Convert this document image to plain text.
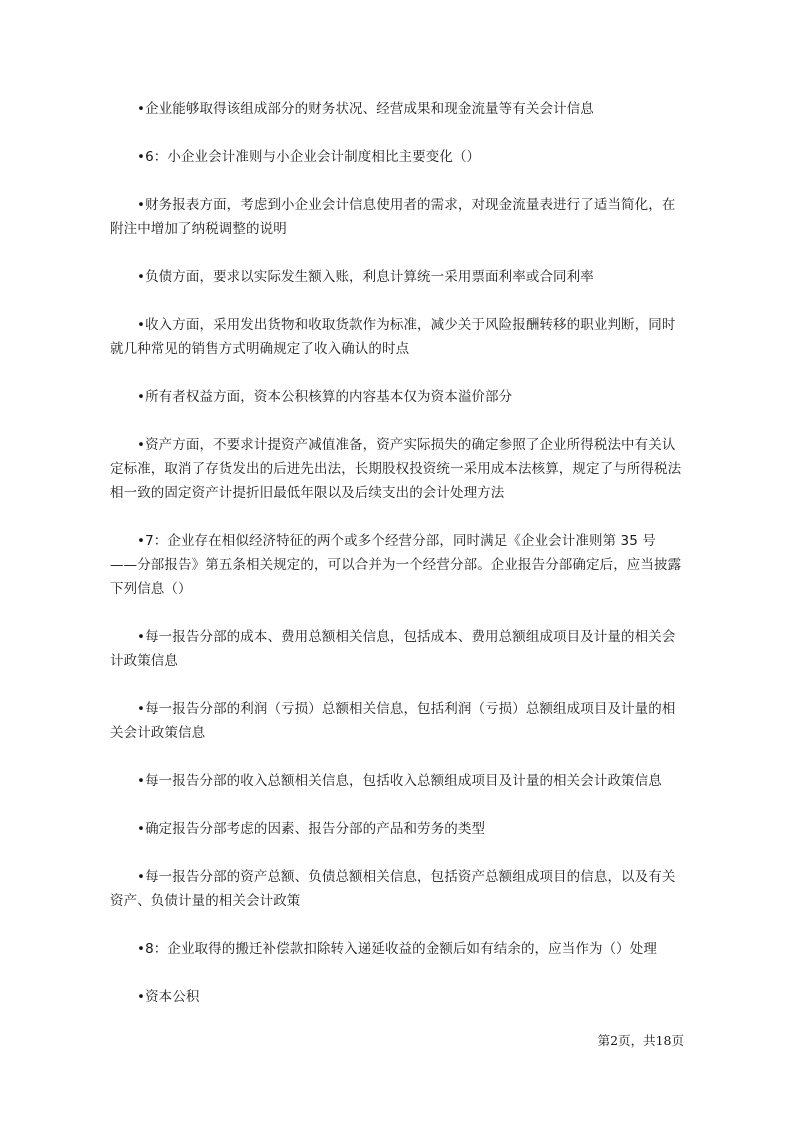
•企业能够取得该组成部分的财务状况、经营成果和现金流量等有关会计信息

•6：小企业会计准则与小企业会计制度相比主要变化（）

•财务报表方面，考虑到小企业会计信息使用者的需求，对现金流量表进行了适当简化，在附注中增加了纳税调整的说明

•负债方面，要求以实际发生额入账，利息计算统一采用票面利率或合同利率

•收入方面，采用发出货物和收取货款作为标准，减少关于风险报酬转移的职业判断，同时就几种常见的销售方式明确规定了收入确认的时点

•所有者权益方面，资本公积核算的内容基本仅为资本溢价部分

•资产方面，不要求计提资产减值准备，资产实际损失的确定参照了企业所得税法中有关认定标准，取消了存货发出的后进先出法，长期股权投资统一采用成本法核算，规定了与所得税法相一致的固定资产计提折旧最低年限以及后续支出的会计处理方法

•7：企业存在相似经济特征的两个或多个经营分部，同时满足《企业会计准则第 35 号——分部报告》第五条相关规定的，可以合并为一个经营分部。企业报告分部确定后，应当披露下列信息（）

•每一报告分部的成本、费用总额相关信息，包括成本、费用总额组成项目及计量的相关会计政策信息

•每一报告分部的利润（亏损）总额相关信息，包括利润（亏损）总额组成项目及计量的相关会计政策信息

•每一报告分部的收入总额相关信息，包括收入总额组成项目及计量的相关会计政策信息

•确定报告分部考虑的因素、报告分部的产品和劳务的类型

•每一报告分部的资产总额、负债总额相关信息，包括资产总额组成项目的信息，以及有关资产、负债计量的相关会计政策

•8：企业取得的搬迁补偿款扣除转入递延收益的金额后如有结余的，应当作为（）处理

•资本公积

第2页，共18页
